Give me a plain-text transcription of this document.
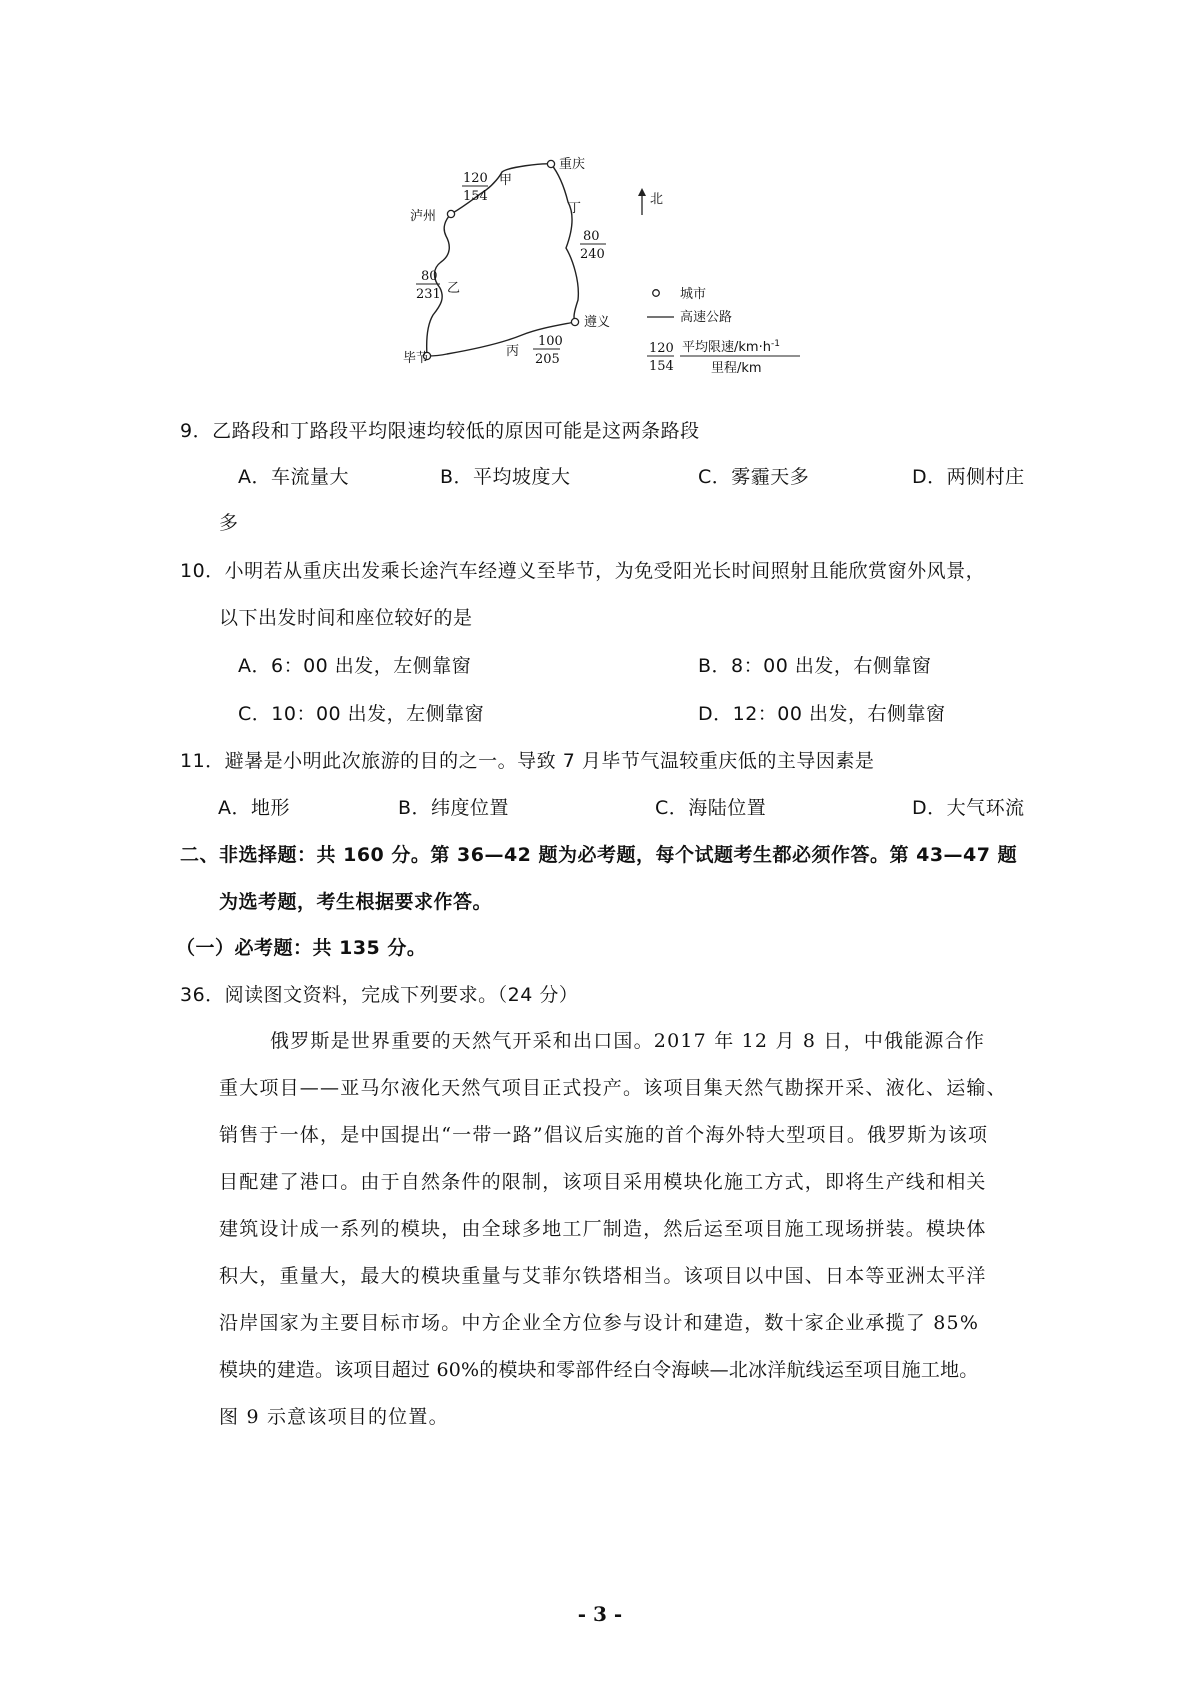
重庆
泸州
遵义
毕节
120
154
甲
丁
80
240
80
231 乙
丙
100
205
北
城市
高速公路
120
154
平均限速$/km\cdot h^{-1}$
里程/km
9．乙路段和丁路段平均限速均较低的原因可能是这两条路段
A．车流量大	B．平均坡度大	C．雾霾天多	D．两侧村庄
多
10．小明若从重庆出发乘长途汽车经遵义至毕节，为免受阳光长时间照射且能欣赏窗外风景，
以下出发时间和座位较好的是
A．6：00 出发，左侧靠窗	B．8：00 出发，右侧靠窗
C．10：00 出发，左侧靠窗	D．12：00 出发，右侧靠窗
11．避暑是小明此次旅游的目的之一。导致 7 月毕节气温较重庆低的主导因素是
A．地形	B．纬度位置	C．海陆位置	D．大气环流
二、非选择题：共 160 分。第 36—42 题为必考题，每个试题考生都必须作答。第 43—47 题
为选考题，考生根据要求作答。
（一）必考题：共 135 分。
36．阅读图文资料，完成下列要求。（24 分）
俄罗斯是世界重要的天然气开采和出口国。2017 年 12 月 8 日，中俄能源合作
重大项目——亚马尔液化天然气项目正式投产。该项目集天然气勘探开采、液化、运输、
销售于一体，是中国提出“一带一路”倡议后实施的首个海外特大型项目。俄罗斯为该项
目配建了港口。由于自然条件的限制，该项目采用模块化施工方式，即将生产线和相关
建筑设计成一系列的模块，由全球多地工厂制造，然后运至项目施工现场拼装。模块体
积大，重量大，最大的模块重量与艾菲尔铁塔相当。该项目以中国、日本等亚洲太平洋
沿岸国家为主要目标市场。中方企业全方位参与设计和建造，数十家企业承揽了 85%
模块的建造。该项目超过 60%的模块和零部件经白令海峡—北冰洋航线运至项目施工地。
图 9 示意该项目的位置。
- 3 -
